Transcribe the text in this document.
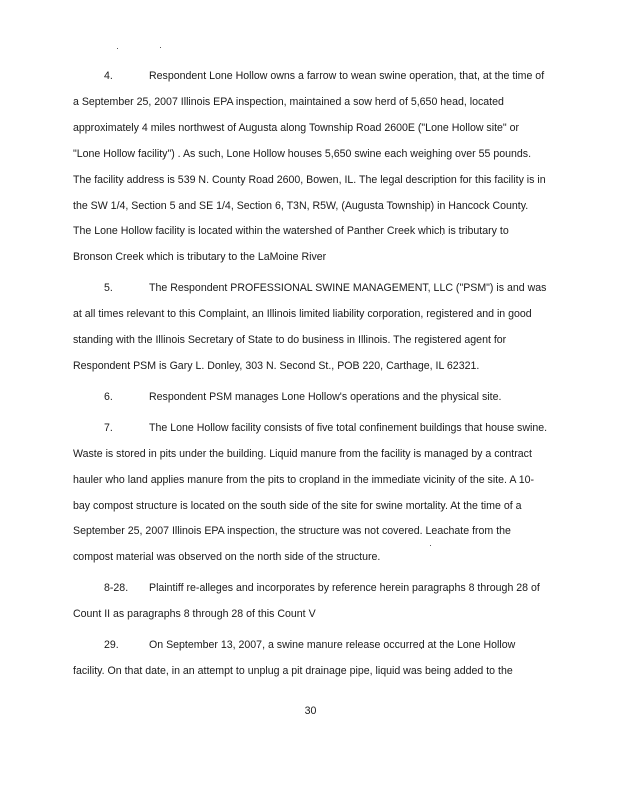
4.	Respondent Lone Hollow owns a farrow to wean swine operation, that, at the time of a September 25, 2007 Illinois EPA inspection, maintained a sow herd of 5,650 head, located approximately 4 miles northwest of Augusta along Township Road 2600E ("Lone Hollow site" or "Lone Hollow facility") . As such, Lone Hollow houses 5,650 swine each weighing over 55 pounds. The facility address is 539 N. County Road 2600, Bowen, IL. The legal description for this facility is in the SW 1/4, Section 5 and SE 1/4, Section 6, T3N, R5W, (Augusta Township) in Hancock County. The Lone Hollow facility is located within the watershed of Panther Creek which is tributary to Bronson Creek which is tributary to the LaMoine River

5.	The Respondent PROFESSIONAL SWINE MANAGEMENT, LLC ("PSM") is and was at all times relevant to this Complaint, an Illinois limited liability corporation, registered and in good standing with the Illinois Secretary of State to do business in Illinois. The registered agent for Respondent PSM is Gary L. Donley, 303 N. Second St., POB 220, Carthage, IL 62321.

6.	Respondent PSM manages Lone Hollow's operations and the physical site.

7.	The Lone Hollow facility consists of five total confinement buildings that house swine. Waste is stored in pits under the building. Liquid manure from the facility is managed by a contract hauler who land applies manure from the pits to cropland in the immediate vicinity of the site. A 10-bay compost structure is located on the south side of the site for swine mortality. At the time of a September 25, 2007 Illinois EPA inspection, the structure was not covered. Leachate from the compost material was observed on the north side of the structure.

8-28. Plaintiff re-alleges and incorporates by reference herein paragraphs 8 through 28 of Count II as paragraphs 8 through 28 of this Count V

29.	On September 13, 2007, a swine manure release occurred at the Lone Hollow facility. On that date, in an attempt to unplug a pit drainage pipe, liquid was being added to the

30
